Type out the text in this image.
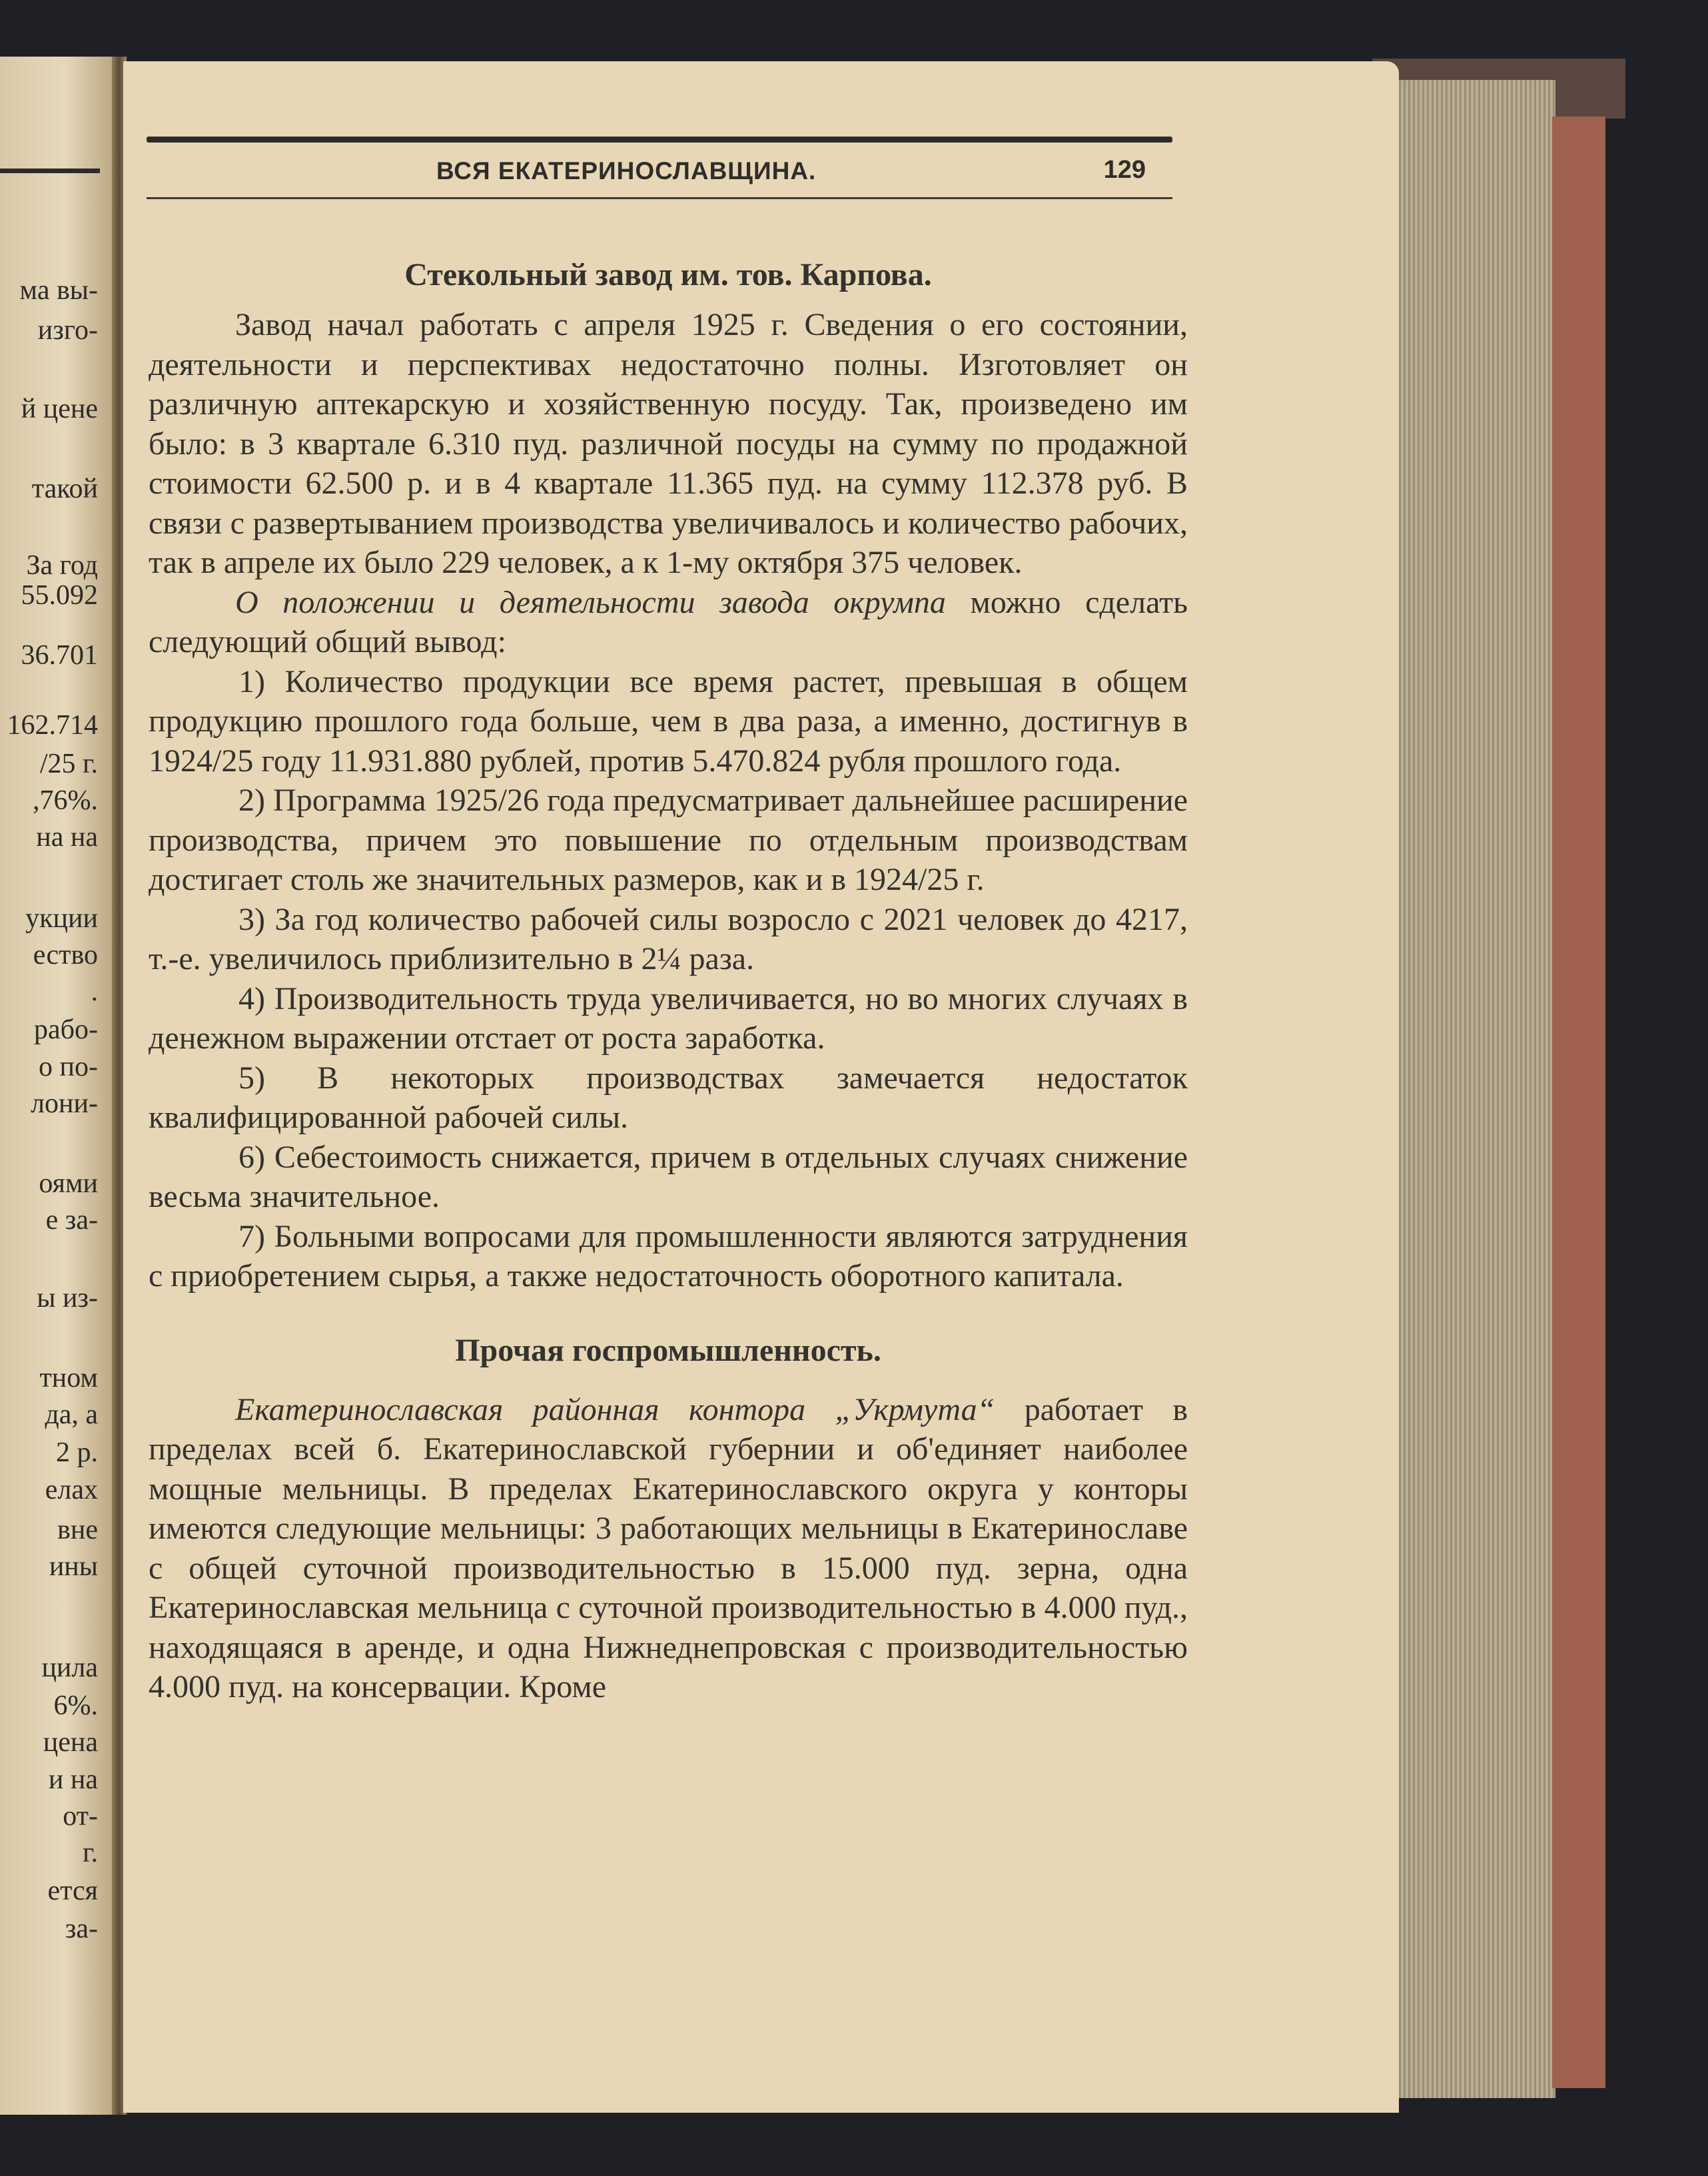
ма вы-
изго-
й цене
такой
За год
55.092
36.701
162.714
/25 г.
,76%.
на на
укции
ество
.
рабо-
о по-
лони-
оями
е за-
ы из-
тном
да, а
2 р.
елах
вне
ины
цила
6%.
цена
и на
от-
г.
ется
за-
ВСЯ ЕКАТЕРИНОСЛАВЩИНА.	129
Стекольный завод им. тов. Карпова.

Завод начал работать с апреля 1925 г. Сведения о его состоянии, деятельности и перспективах недостаточно полны. Изготовляет он различную аптекарскую и хозяйственную посуду. Так, произведено им было: в 3 квартале 6.310 пуд. различной посуды на сумму по продажной стоимости 62.500 р. и в 4 квартале 11.365 пуд. на сумму 112.378 руб. В связи с развертыванием производства увеличивалось и количество рабочих, так в апреле их было 229 человек, а к 1-му октября 375 человек.

О положении и деятельности завода окрумпа можно сделать следующий общий вывод:

1) Количество продукции все время растет, превышая в общем продукцию прошлого года больше, чем в два раза, а именно, достигнув в 1924/25 году 11.931.880 рублей, против 5.470.824 рубля прошлого года.

2) Программа 1925/26 года предусматривает дальнейшее расширение производства, причем это повышение по отдельным производствам достигает столь же значительных размеров, как и в 1924/25 г.

3) За год количество рабочей силы возросло с 2021 человек до 4217, т.-е. увеличилось приблизительно в 2¼ раза.

4) Производительность труда увеличивается, но во многих случаях в денежном выражении отстает от роста заработка.

5) В некоторых производствах замечается недостаток квалифицированной рабочей силы.

6) Себестоимость снижается, причем в отдельных случаях снижение весьма значительное.

7) Больными вопросами для промышленности являются затруднения с приобретением сырья, а также недостаточность оборотного капитала.

Прочая госпромышленность.

Екатеринославская районная контора „Укрмута“ работает в пределах всей б. Екатеринославской губернии и об'единяет наиболее мощные мельницы. В пределах Екатеринославского округа у конторы имеются следующие мельницы: 3 работающих мельницы в Екатеринославе с общей суточной производительностью в 15.000 пуд. зерна, одна Екатеринославская мельница с суточной производительностью в 4.000 пуд., находящаяся в аренде, и одна Нижнеднепровская с производительностью 4.000 пуд. на консервации. Кроме
